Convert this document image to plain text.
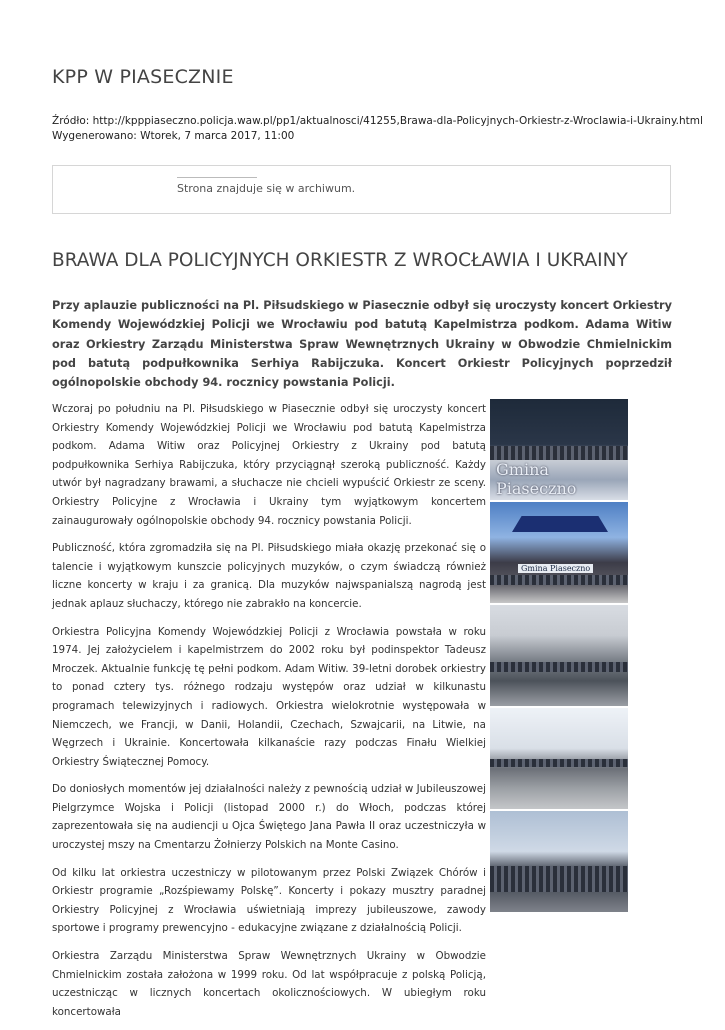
KPP W PIASECZNIE
Źródło: http://kpppiaseczno.policja.waw.pl/pp1/aktualnosci/41255,Brawa-dla-Policyjnych-Orkiestr-z-Wroclawia-i-Ukrainy.html
Wygenerowano: Wtorek, 7 marca 2017, 11:00
Strona znajduje się w archiwum.
BRAWA DLA POLICYJNYCH ORKIESTR Z WROCŁAWIA I UKRAINY

Przy aplauzie publiczności na Pl. Piłsudskiego w Piasecznie odbył się uroczysty koncert Orkiestry Komendy Wojewódzkiej Policji we Wrocławiu pod batutą Kapelmistrza podkom. Adama Witiw oraz Orkiestry Zarządu Ministerstwa Spraw Wewnętrznych Ukrainy w Obwodzie Chmielnickim pod batutą podpułkownika Serhiya Rabijczuka. Koncert Orkiestr Policyjnych poprzedził ogólnopolskie obchody 94. rocznicy powstania Policji.

Wczoraj po południu na Pl. Piłsudskiego w Piasecznie odbył się uroczysty koncert Orkiestry Komendy Wojewódzkiej Policji we Wrocławiu pod batutą Kapelmistrza podkom. Adama Witiw oraz Policyjnej Orkiestry z Ukrainy pod batutą podpułkownika Serhiya Rabijczuka, który przyciągnął szeroką publiczność. Każdy utwór był nagradzany brawami, a słuchacze nie chcieli wypuścić Orkiestr ze sceny. Orkiestry Policyjne z Wrocławia i Ukrainy tym wyjątkowym koncertem zainaugurowały ogólnopolskie obchody 94. rocznicy powstania Policji.

Publiczność, która zgromadziła się na Pl. Piłsudskiego miała okazję przekonać się o talencie i wyjątkowym kunszcie policyjnych muzyków, o czym świadczą również liczne koncerty w kraju i za granicą. Dla muzyków najwspanialszą nagrodą jest jednak aplauz słuchaczy, którego nie zabrakło na koncercie.

Orkiestra Policyjna Komendy Wojewódzkiej Policji z Wrocławia powstała w roku 1974. Jej założycielem i kapelmistrzem do 2002 roku był podinspektor Tadeusz Mroczek. Aktualnie funkcję tę pełni podkom. Adam Witiw. 39-letni dorobek orkiestry to ponad cztery tys. różnego rodzaju występów oraz udział w kilkunastu programach telewizyjnych i radiowych. Orkiestra wielokrotnie występowała w Niemczech, we Francji, w Danii, Holandii, Czechach, Szwajcarii, na Litwie, na Węgrzech i Ukrainie. Koncertowała kilkanaście razy podczas Finału Wielkiej Orkiestry Świątecznej Pomocy.

Do doniosłych momentów jej działalności należy z pewnością udział w Jubileuszowej Pielgrzymce Wojska i Policji (listopad 2000 r.) do Włoch, podczas której zaprezentowała się na audiencji u Ojca Świętego Jana Pawła II oraz uczestniczyła w uroczystej mszy na Cmentarzu Żołnierzy Polskich na Monte Casino.

Od kilku lat orkiestra uczestniczy w pilotowanym przez Polski Związek Chórów i Orkiestr programie „Rozśpiewamy Polskę”. Koncerty i pokazy musztry paradnej Orkiestry Policyjnej z Wrocławia uświetniają imprezy jubileuszowe, zawody sportowe i programy prewencyjno - edukacyjne związane z działalnością Policji.

Orkiestra Zarządu Ministerstwa Spraw Wewnętrznych Ukrainy w Obwodzie Chmielnickim została założona w 1999 roku. Od lat współpracuje z polską Policją, uczestnicząc w licznych koncertach okolicznościowych. W ubiegłym roku koncertowała

Gmina Piaseczno
Gmina Piaseczno
